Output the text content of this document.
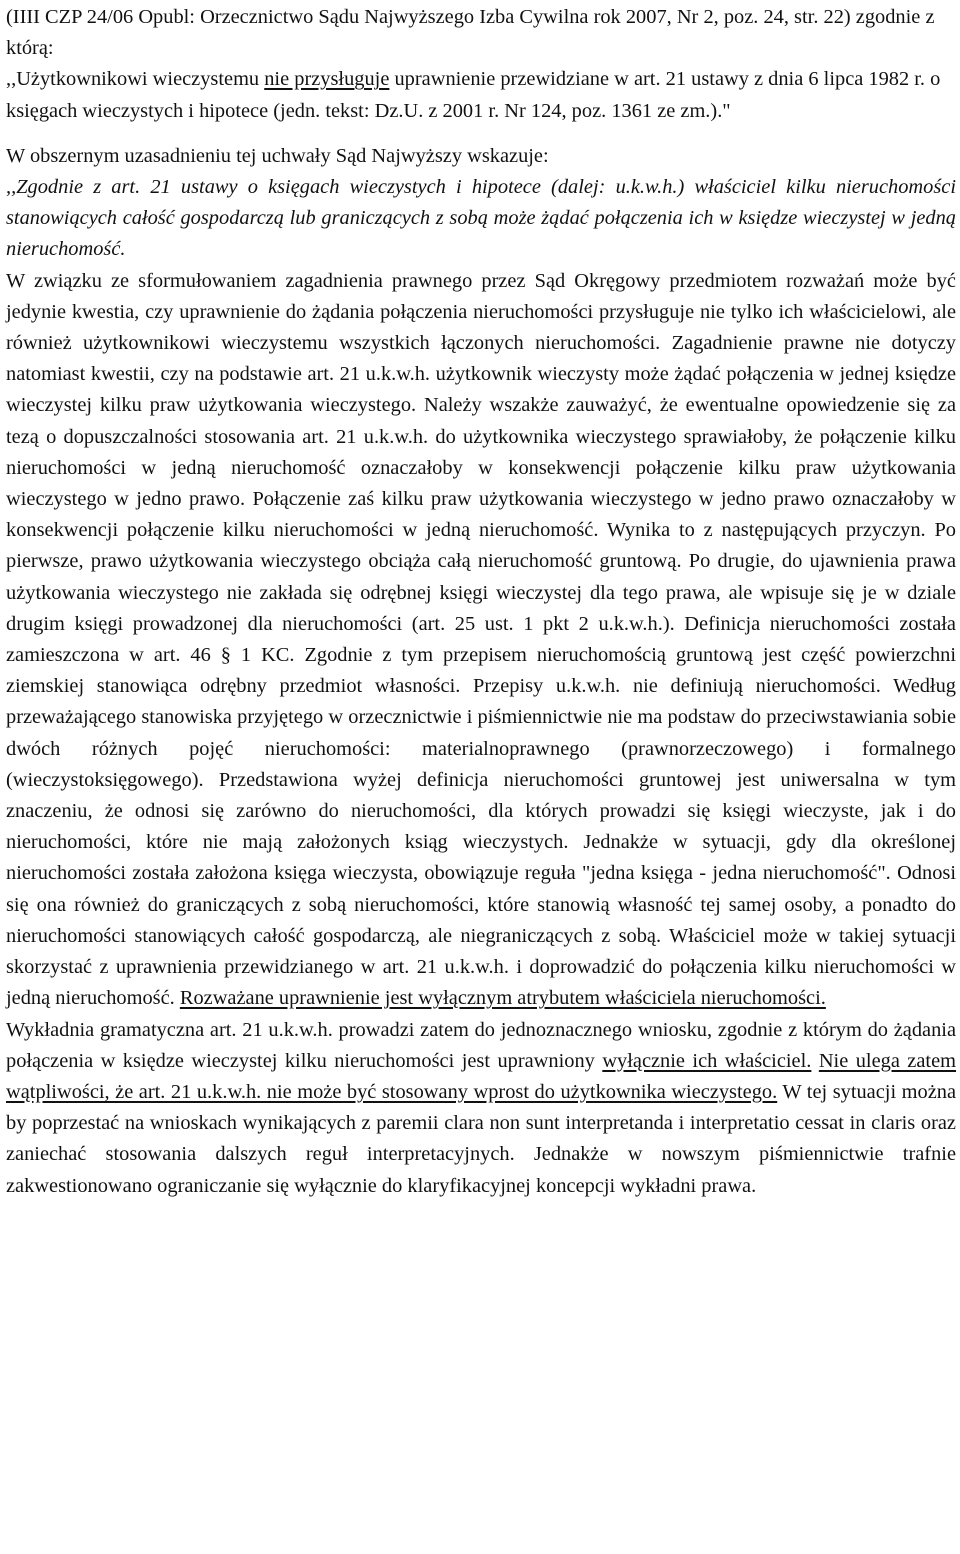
(IIII CZP 24/06 Opubl: Orzecznictwo Sądu Najwyższego Izba Cywilna rok 2007, Nr 2, poz. 24, str. 22) zgodnie z którą:
,,Użytkownikowi wieczystemu nie przysługuje uprawnienie przewidziane w art. 21 ustawy z dnia 6 lipca 1982 r. o księgach wieczystych i hipotece (jedn. tekst: Dz.U. z 2001 r. Nr 124, poz. 1361 ze zm.)."

W obszernym uzasadnieniu tej uchwały Sąd Najwyższy wskazuje:

,,Zgodnie z art. 21 ustawy o księgach wieczystych i hipotece (dalej: u.k.w.h.) właściciel kilku nieruchomości stanowiących całość gospodarczą lub graniczących z sobą może żądać połączenia ich w księdze wieczystej w jedną nieruchomość.

W związku ze sformułowaniem zagadnienia prawnego przez Sąd Okręgowy przedmiotem rozważań może być jedynie kwestia, czy uprawnienie do żądania połączenia nieruchomości przysługuje nie tylko ich właścicielowi, ale również użytkownikowi wieczystemu wszystkich łączonych nieruchomości. Zagadnienie prawne nie dotyczy natomiast kwestii, czy na podstawie art. 21 u.k.w.h. użytkownik wieczysty może żądać połączenia w jednej księdze wieczystej kilku praw użytkowania wieczystego. Należy wszakże zauważyć, że ewentualne opowiedzenie się za tezą o dopuszczalności stosowania art. 21 u.k.w.h. do użytkownika wieczystego sprawiałoby, że połączenie kilku nieruchomości w jedną nieruchomość oznaczałoby w konsekwencji połączenie kilku praw użytkowania wieczystego w jedno prawo. Połączenie zaś kilku praw użytkowania wieczystego w jedno prawo oznaczałoby w konsekwencji połączenie kilku nieruchomości w jedną nieruchomość. Wynika to z następujących przyczyn. Po pierwsze, prawo użytkowania wieczystego obciąża całą nieruchomość gruntową. Po drugie, do ujawnienia prawa użytkowania wieczystego nie zakłada się odrębnej księgi wieczystej dla tego prawa, ale wpisuje się je w dziale drugim księgi prowadzonej dla nieruchomości (art. 25 ust. 1 pkt 2 u.k.w.h.). Definicja nieruchomości została zamieszczona w art. 46 § 1 KC. Zgodnie z tym przepisem nieruchomością gruntową jest część powierzchni ziemskiej stanowiąca odrębny przedmiot własności. Przepisy u.k.w.h. nie definiują nieruchomości. Według przeważającego stanowiska przyjętego w orzecznictwie i piśmiennictwie nie ma podstaw do przeciwstawiania sobie dwóch różnych pojęć nieruchomości: materialnoprawnego (prawnorzeczowego) i formalnego (wieczystoksięgowego). Przedstawiona wyżej definicja nieruchomości gruntowej jest uniwersalna w tym znaczeniu, że odnosi się zarówno do nieruchomości, dla których prowadzi się księgi wieczyste, jak i do nieruchomości, które nie mają założonych ksiąg wieczystych. Jednakże w sytuacji, gdy dla określonej nieruchomości została założona księga wieczysta, obowiązuje reguła "jedna księga - jedna nieruchomość". Odnosi się ona również do graniczących z sobą nieruchomości, które stanowią własność tej samej osoby, a ponadto do nieruchomości stanowiących całość gospodarczą, ale niegraniczących z sobą. Właściciel może w takiej sytuacji skorzystać z uprawnienia przewidzianego w art. 21 u.k.w.h. i doprowadzić do połączenia kilku nieruchomości w jedną nieruchomość. Rozważane uprawnienie jest wyłącznym atrybutem właściciela nieruchomości.

Wykładnia gramatyczna art. 21 u.k.w.h. prowadzi zatem do jednoznacznego wniosku, zgodnie z którym do żądania połączenia w księdze wieczystej kilku nieruchomości jest uprawniony wyłącznie ich właściciel. Nie ulega zatem wątpliwości, że art. 21 u.k.w.h. nie może być stosowany wprost do użytkownika wieczystego. W tej sytuacji można by poprzestać na wnioskach wynikających z paremii clara non sunt interpretanda i interpretatio cessat in claris oraz zaniechać stosowania dalszych reguł interpretacyjnych. Jednakże w nowszym piśmiennictwie trafnie zakwestionowano ograniczanie się wyłącznie do klaryfikacyjnej koncepcji wykładni prawa.
